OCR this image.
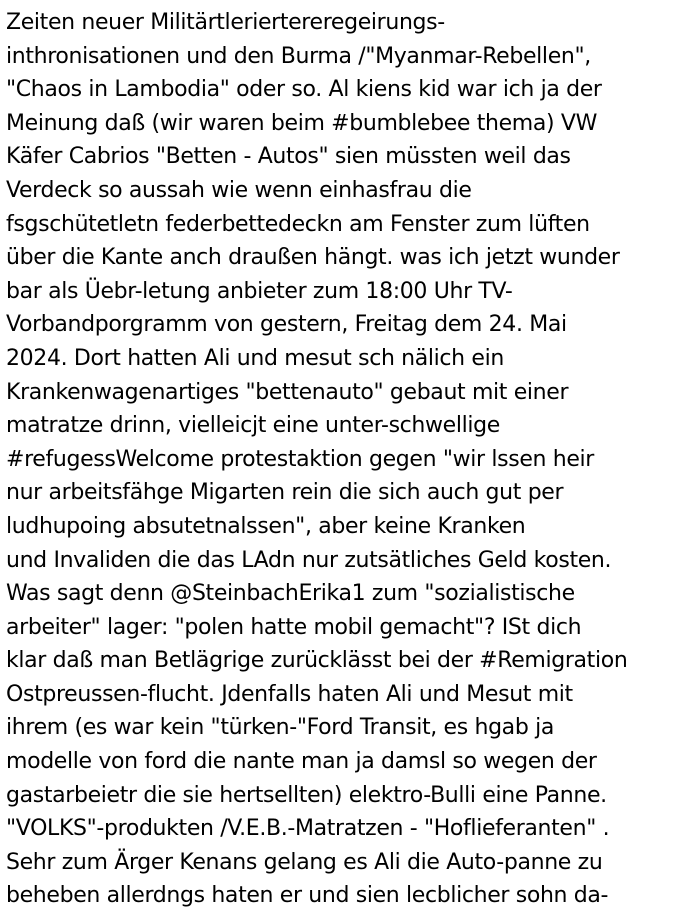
Zeiten neuer Militärtleriertereregeirungs-
inthronisationen und den Burma /"Myanmar-Rebellen",
"Chaos in Lambodia" oder so. Al kiens kid war ich ja der
Meinung daß (wir waren beim #bumblebee thema) VW
Käfer Cabrios "Betten - Autos" sien müssten weil das
Verdeck so aussah wie wenn einhasfrau die
fsgschütetletn federbettedeckn am Fenster zum lüften
über die Kante anch draußen hängt. was ich jetzt wunder
bar als Üebr-letung anbieter zum 18:00 Uhr TV-
Vorbandporgramm von gestern, Freitag dem 24. Mai
2024. Dort hatten Ali und mesut sch nälich ein
Krankenwagenartiges "bettenauto" gebaut mit einer
matratze drinn, vielleicjt eine unter-schwellige
#refugessWelcome protestaktion gegen "wir lssen heir
nur arbeitsfähge Migarten rein die sich auch gut per
ludhupoing absutetnalssen", aber keine Kranken
und Invaliden die das LAdn nur zutsätliches Geld kosten.
Was sagt denn @SteinbachErika1 zum "sozialistische
arbeiter" lager: "polen hatte mobil gemacht"? ISt dich
klar daß man Betlägrige zurücklässt bei der #Remigration
Ostpreussen-flucht. Jdenfalls haten Ali und Mesut mit
ihrem (es war kein "türken-"Ford Transit, es hgab ja
modelle von ford die nante man ja damsl so wegen der
gastarbeietr die sie hertsellten) elektro-Bulli eine Panne.
"VOLKS"-produkten /V.E.B.-Matratzen - "Hoflieferanten" .
Sehr zum Ärger Kenans gelang es Ali die Auto-panne zu
beheben allerdngs haten er und sien lecblicher sohn da-
